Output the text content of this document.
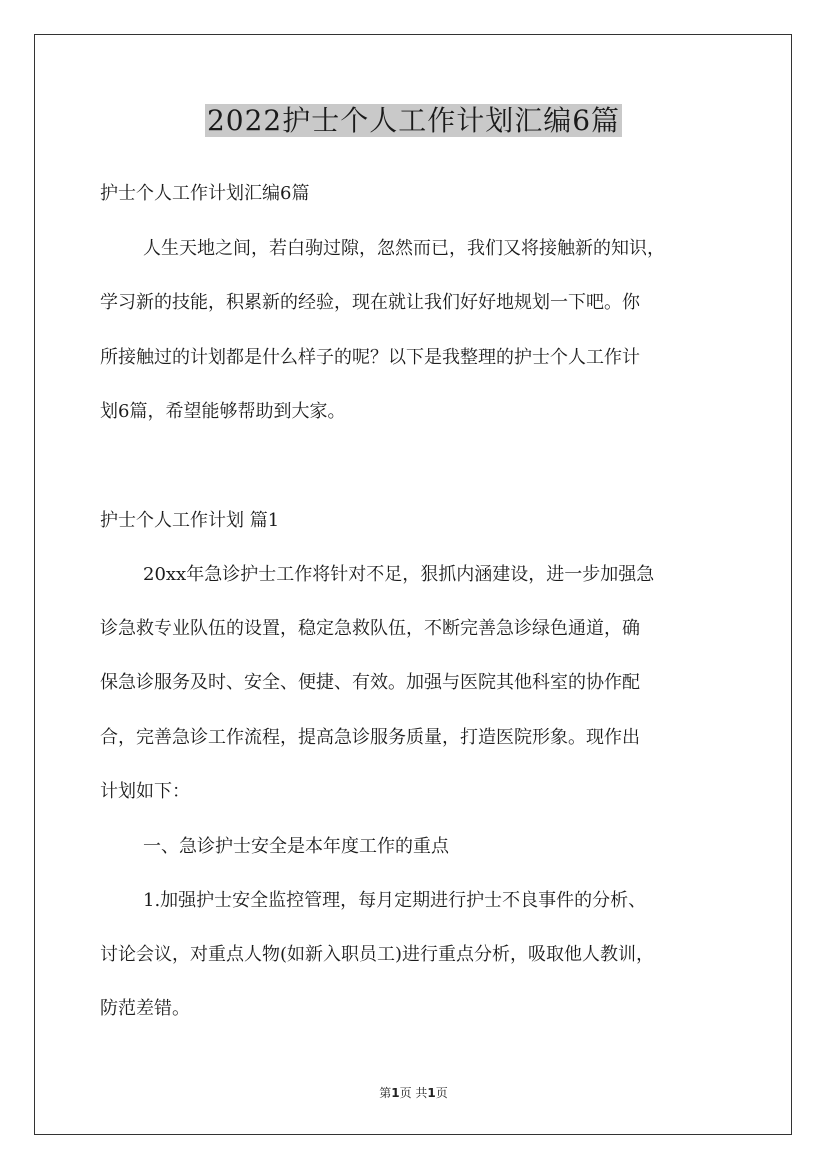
2022护士个人工作计划汇编6篇

护士个人工作计划汇编6篇

人生天地之间，若白驹过隙，忽然而已，我们又将接触新的知识，

学习新的技能，积累新的经验，现在就让我们好好地规划一下吧。你

所接触过的计划都是什么样子的呢？以下是我整理的护士个人工作计

划6篇，希望能够帮助到大家。

护士个人工作计划 篇1

20xx年急诊护士工作将针对不足，狠抓内涵建设，进一步加强急

诊急救专业队伍的设置，稳定急救队伍，不断完善急诊绿色通道，确

保急诊服务及时、安全、便捷、有效。加强与医院其他科室的协作配

合，完善急诊工作流程，提高急诊服务质量，打造医院形象。现作出

计划如下：

一、急诊护士安全是本年度工作的重点

1.加强护士安全监控管理，每月定期进行护士不良事件的分析、

讨论会议，对重点人物(如新入职员工)进行重点分析，吸取他人教训，

防范差错。

第1页 共1页
